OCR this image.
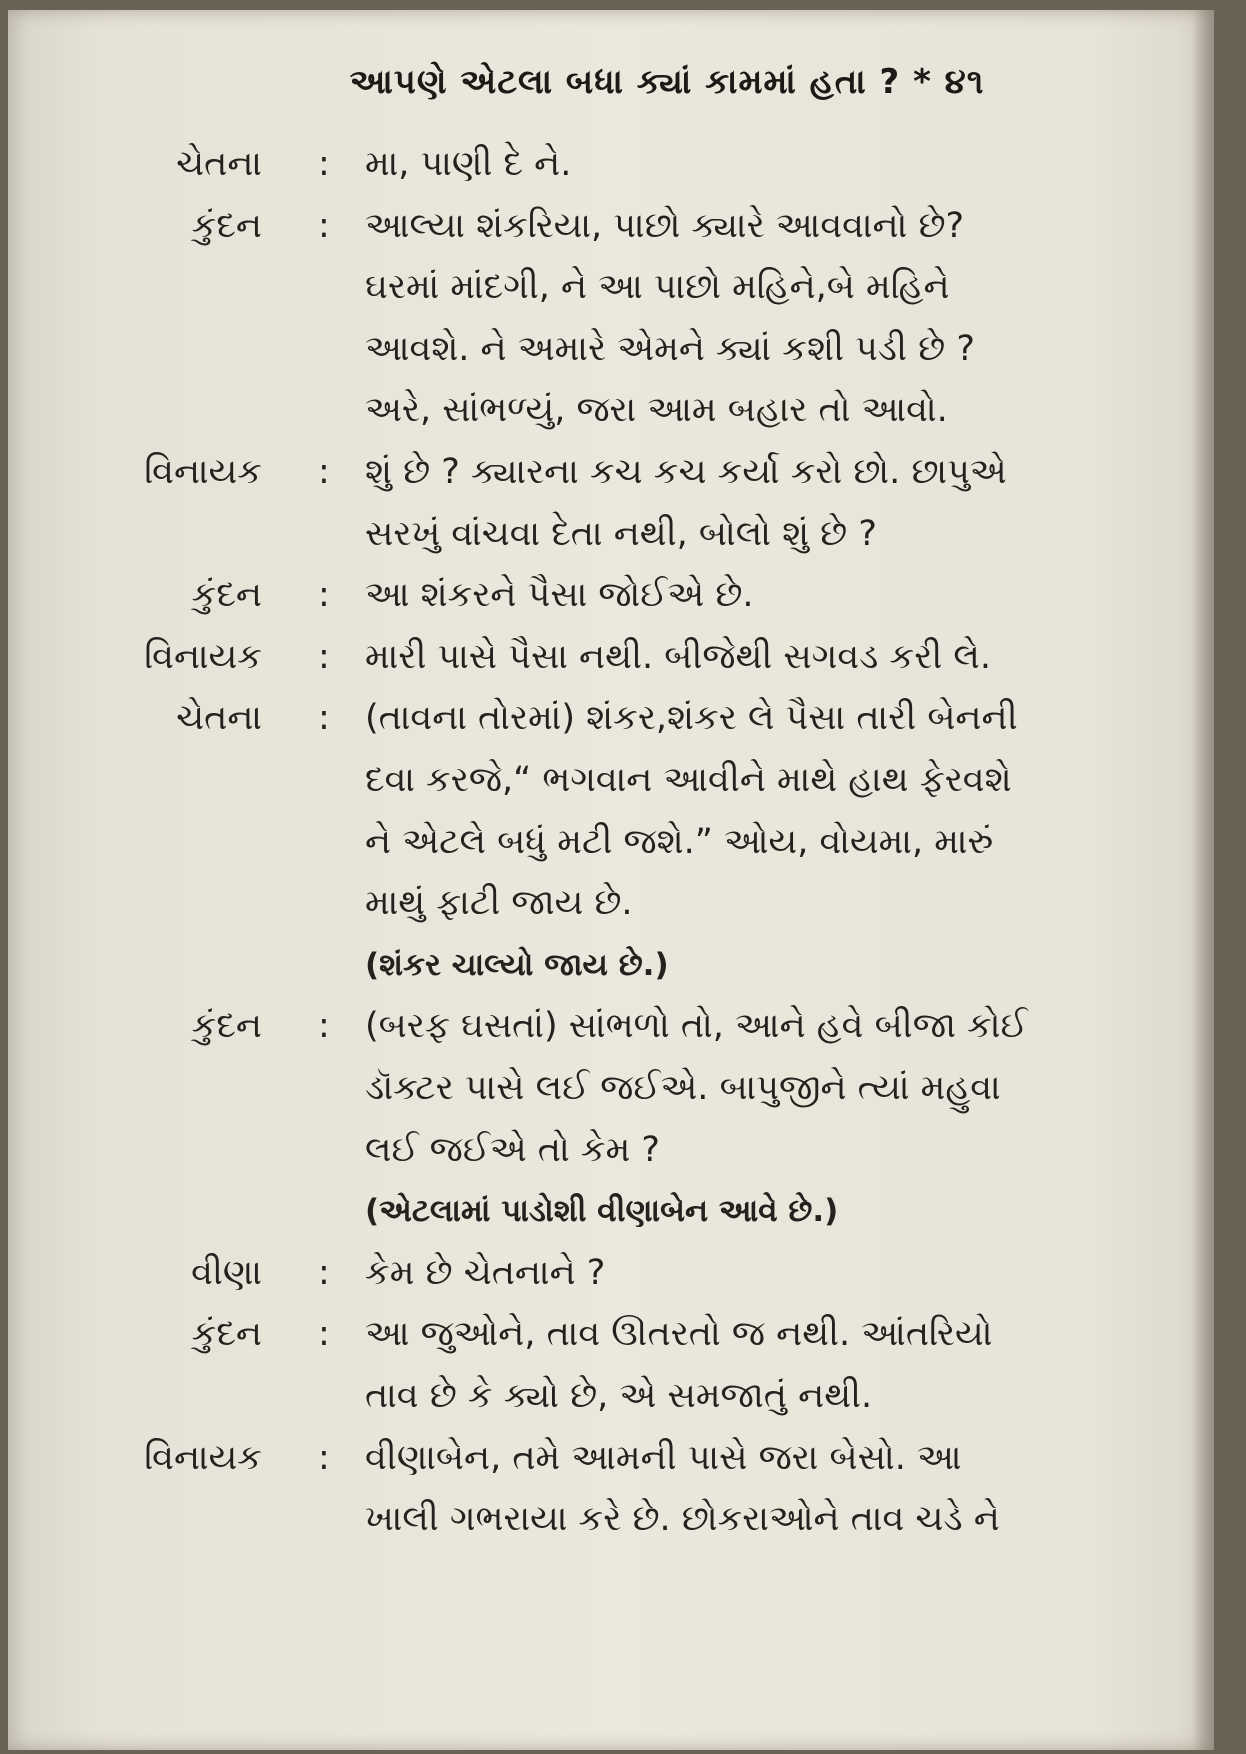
આપણે એટલા બધા ક્યાં કામમાં હતા ? * ૪૧
ચેતના : મા, પાણી દે ને.
કુંદન : આલ્યા શંકરિયા, પાછો ક્યારે આવવાનો છે?
ઘરમાં માંદગી, ને આ પાછો મહિને,બે મહિને
આવશે. ને અમારે એમને ક્યાં કશી પડી છે ?
અરે, સાંભળ્યું, જરા આમ બહાર તો આવો.
વિનાયક : શું છે ? ક્યારના કચ કચ કર્યા કરો છો. છાપુએ
સરખું વાંચવા દેતા નથી, બોલો શું છે ?
કુંદન : આ શંકરને પૈસા જોઈએ છે.
વિનાયક : મારી પાસે પૈસા નથી. બીજેથી સગવડ કરી લે.
ચેતના : (તાવના તોરમાં) શંકર,શંકર લે પૈસા તારી બેનની
દવા કરજે,“ ભગવાન આવીને માથે હાથ ફેરવશે
ને એટલે બધું મટી જશે.” ઓય, વોયમા, મારું
માથું ફાટી જાય છે.
(શંકર ચાલ્યો જાય છે.)
કુંદન : (બરફ ઘસતાં) સાંભળો તો, આને હવે બીજા કોઈ
ડૉક્ટર પાસે લઈ જઈએ. બાપુજીને ત્યાં મહુવા
લઈ જઈએ તો કેમ ?
(એટલામાં પાડોશી વીણાબેન આવે છે.)
વીણા : કેમ છે ચેતનાને ?
કુંદન : આ જુઓને, તાવ ઊતરતો જ નથી. આંતરિયો
તાવ છે કે ક્યો છે, એ સમજાતું નથી.
વિનાયક : વીણાબેન, તમે આમની પાસે જરા બેસો. આ
ખાલી ગભરાયા કરે છે. છોકરાઓને તાવ ચડે ને
